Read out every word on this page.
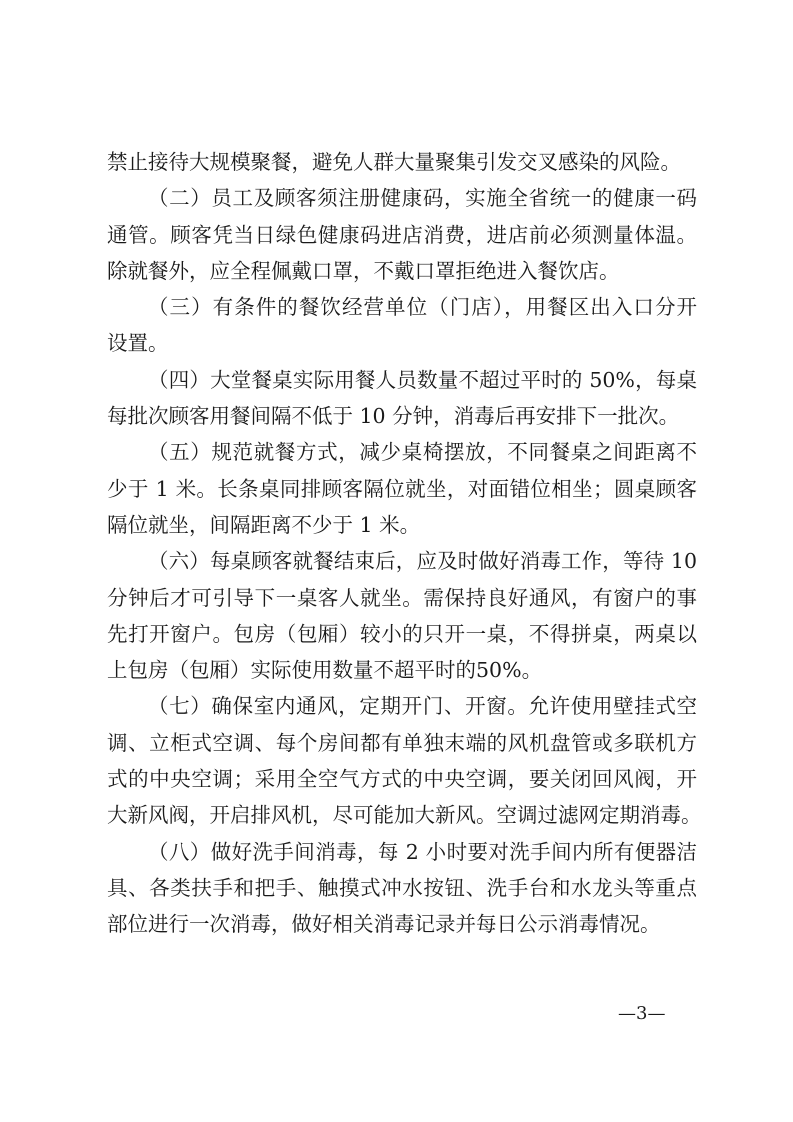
禁止接待大规模聚餐，避免人群大量聚集引发交叉感染的风险。
（二）员工及顾客须注册健康码，实施全省统一的健康一码
通管。顾客凭当日绿色健康码进店消费，进店前必须测量体温。
除就餐外，应全程佩戴口罩，不戴口罩拒绝进入餐饮店。
（三）有条件的餐饮经营单位（门店），用餐区出入口分开
设置。
（四）大堂餐桌实际用餐人员数量不超过平时的 50%，每桌
每批次顾客用餐间隔不低于 10 分钟，消毒后再安排下一批次。
（五）规范就餐方式，减少桌椅摆放，不同餐桌之间距离不
少于 1 米。长条桌同排顾客隔位就坐，对面错位相坐；圆桌顾客
隔位就坐，间隔距离不少于 1 米。
（六）每桌顾客就餐结束后，应及时做好消毒工作，等待 10
分钟后才可引导下一桌客人就坐。需保持良好通风，有窗户的事
先打开窗户。包房（包厢）较小的只开一桌，不得拼桌，两桌以
上包房（包厢）实际使用数量不超平时的50%。
（七）确保室内通风，定期开门、开窗。允许使用壁挂式空
调、立柜式空调、每个房间都有单独末端的风机盘管或多联机方
式的中央空调；采用全空气方式的中央空调，要关闭回风阀，开
大新风阀，开启排风机，尽可能加大新风。空调过滤网定期消毒。
（八）做好洗手间消毒，每 2 小时要对洗手间内所有便器洁
具、各类扶手和把手、触摸式冲水按钮、洗手台和水龙头等重点
部位进行一次消毒，做好相关消毒记录并每日公示消毒情况。
—3—
